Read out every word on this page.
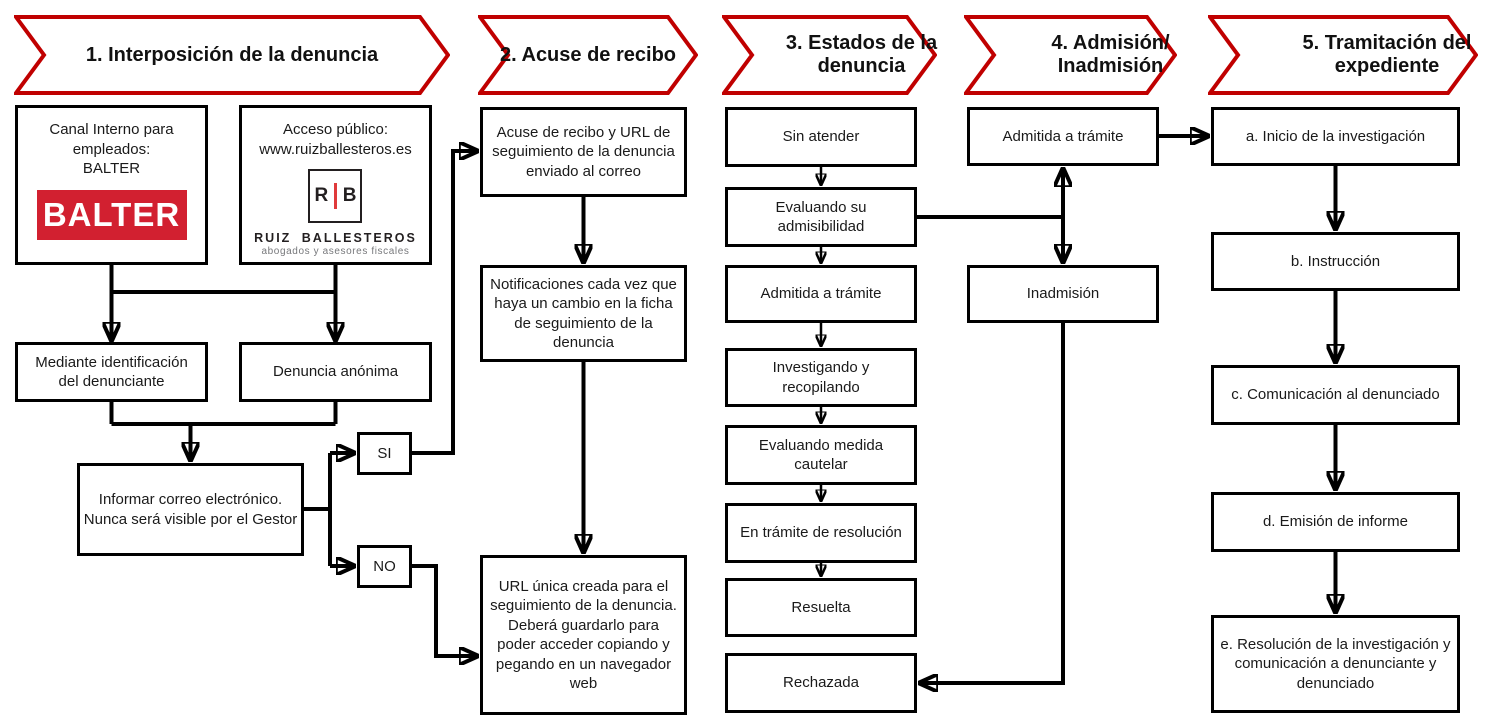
1. Interposición de la denuncia	2. Acuse de recibo
3. Estados de la denuncia
4. Admisión/ Inadmisión
5. Tramitación del expediente
Canal Interno para
empleados:
BALTER
BALTER
Acceso público:
www.ruizballesteros.es
R B
RUIZ BALLESTEROS
abogados y asesores fiscales
Mediante identificación
del denunciante
Denuncia anónima
Informar correo electrónico.
Nunca será visible por el Gestor
SI
NO
Acuse de recibo y URL de
seguimiento de la denuncia
enviado al correo
Notificaciones cada vez que
haya un cambio en la ficha
de seguimiento de la
denuncia
URL única creada para el
seguimiento de la denuncia.
Deberá guardarlo para
poder acceder copiando y
pegando en un navegador
web
Sin atender
Evaluando su
admisibilidad
Admitida a trámite
Investigando y
recopilando
Evaluando medida
cautelar
En trámite de resolución
Resuelta
Rechazada
Admitida a trámite
Inadmisión
a. Inicio de la investigación
b. Instrucción
c. Comunicación al denunciado
d. Emisión de informe
e. Resolución de la investigación y
comunicación a denunciante y
denunciado
